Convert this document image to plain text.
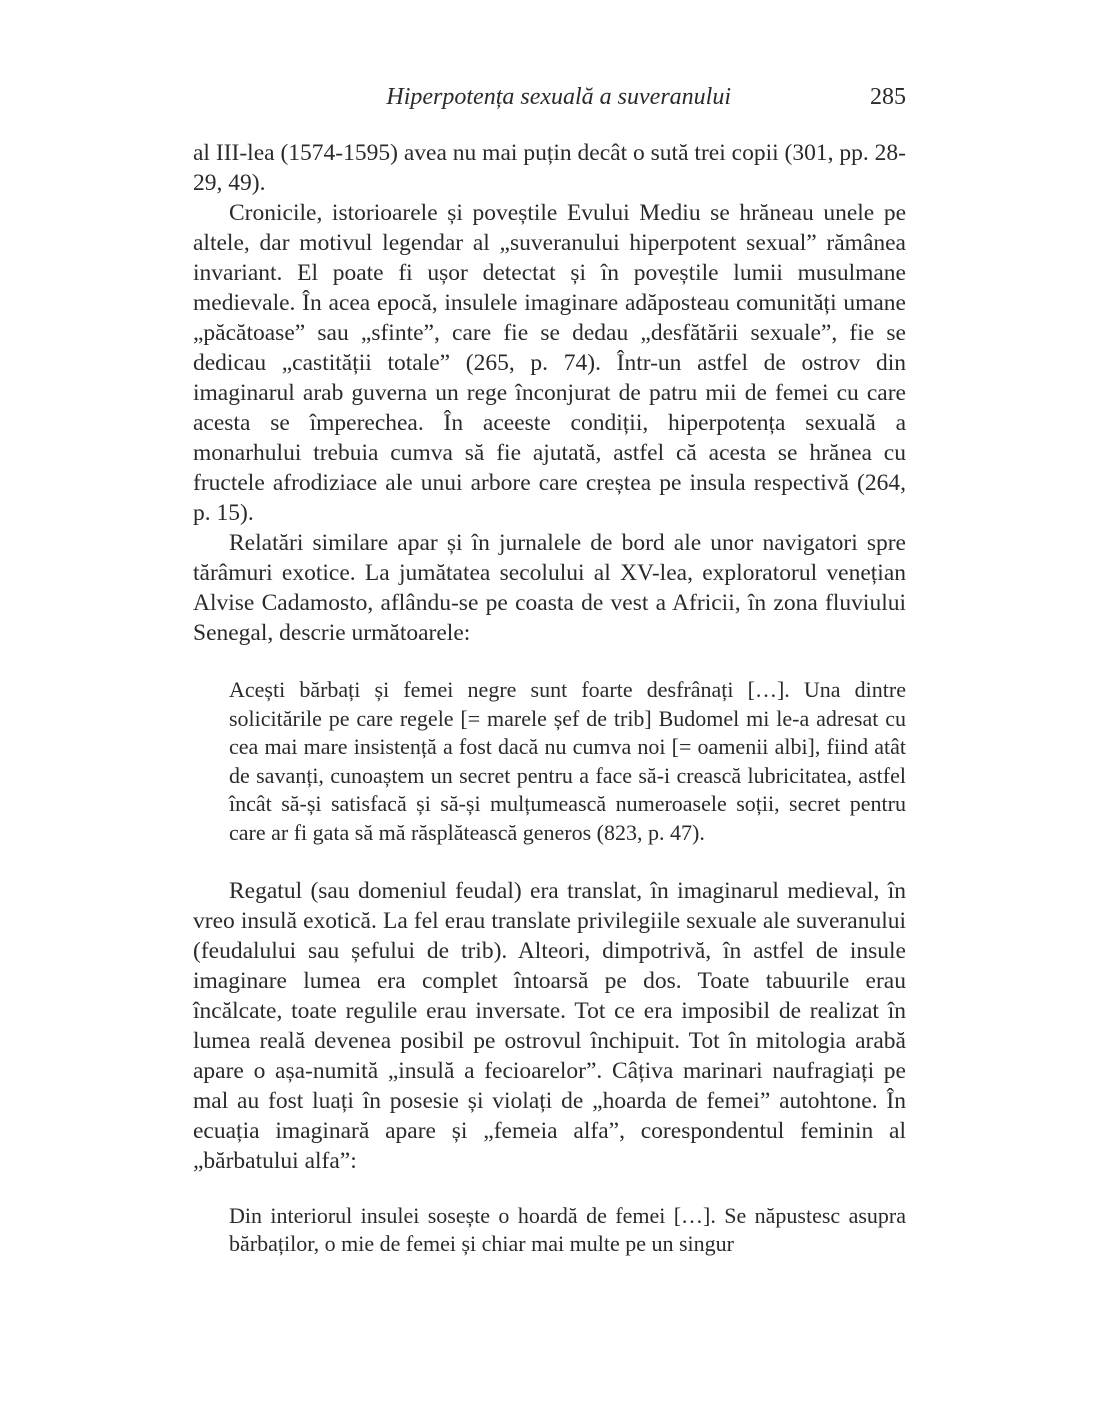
Hiperpotența sexuală a suveranului	285

al III-lea (1574-1595) avea nu mai puțin decât o sută trei copii (301, pp. 28-29, 49).

Cronicile, istorioarele și poveștile Evului Mediu se hrăneau unele pe altele, dar motivul legendar al „suveranului hiperpotent sexual” rămânea invariant. El poate fi ușor detectat și în poveștile lumii musulmane medievale. În acea epocă, insulele imaginare adăposteau comunități umane „păcătoase” sau „sfinte”, care fie se dedau „desfătării sexuale”, fie se dedicau „castității totale” (265, p. 74). Într-un astfel de ostrov din imaginarul arab guverna un rege înconjurat de patru mii de femei cu care acesta se împerechea. În aceeste condiții, hiperpotența sexuală a monarhului trebuia cumva să fie ajutată, astfel că acesta se hrănea cu fructele afrodiziace ale unui arbore care creștea pe insula respectivă (264, p. 15).

Relatări similare apar și în jurnalele de bord ale unor navigatori spre tărâmuri exotice. La jumătatea secolului al XV-lea, exploratorul venețian Alvise Cadamosto, aflându-se pe coasta de vest a Africii, în zona fluviului Senegal, descrie următoarele:

Acești bărbați și femei negre sunt foarte desfrânați […]. Una dintre solicitările pe care regele [= marele șef de trib] Budomel mi le-a adresat cu cea mai mare insistență a fost dacă nu cumva noi [= oamenii albi], fiind atât de savanți, cunoaștem un secret pentru a face să-i crească lubricitatea, astfel încât să-și satisfacă și să-și mulțumească numeroasele soții, secret pentru care ar fi gata să mă răsplătească generos (823, p. 47).

Regatul (sau domeniul feudal) era translat, în imaginarul medieval, în vreo insulă exotică. La fel erau translate privilegiile sexuale ale suveranului (feudalului sau șefului de trib). Alteori, dimpotrivă, în astfel de insule imaginare lumea era complet întoarsă pe dos. Toate tabuurile erau încălcate, toate regulile erau inversate. Tot ce era imposibil de realizat în lumea reală devenea posibil pe ostrovul închipuit. Tot în mitologia arabă apare o așa-numită „insulă a fecioarelor”. Câțiva marinari naufragiați pe mal au fost luați în posesie și violați de „hoarda de femei” autohtone. În ecuația imaginară apare și „femeia alfa”, corespondentul feminin al „bărbatului alfa”:

Din interiorul insulei sosește o hoardă de femei […]. Se năpustesc asupra bărbaților, o mie de femei și chiar mai multe pe un singur
